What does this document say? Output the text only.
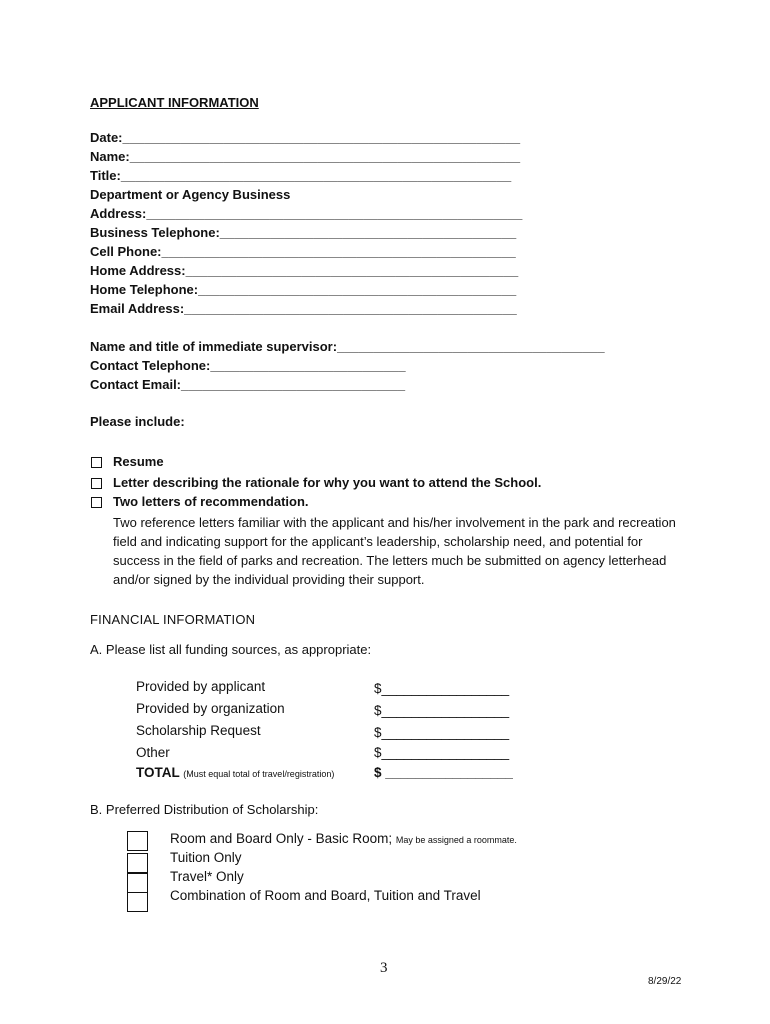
APPLICANT INFORMATION
Date:_______________________________________________________
Name:______________________________________________________
Title:______________________________________________________
Department or Agency Business
Address:____________________________________________________
Business Telephone:_________________________________________
Cell Phone:_________________________________________________
Home Address:______________________________________________
Home Telephone:____________________________________________
Email Address:______________________________________________
Name and title of immediate supervisor:_____________________________________
Contact Telephone:___________________________
Contact Email:_______________________________
Please include:
Resume
Letter describing the rationale for why you want to attend the School.
Two letters of recommendation.
Two reference letters familiar with the applicant and his/her involvement in the park and recreation field and indicating support for the applicant’s leadership, scholarship need, and potential for success in the field of parks and recreation. The letters much be submitted on agency letterhead and/or signed by the individual providing their support.
FINANCIAL INFORMATION
A. Please list all funding sources, as appropriate:
Provided by applicant	$_________________
Provided by organization	$_________________
Scholarship Request	$_________________
Other	$_________________
TOTAL (Must equal total of travel/registration)	$ _________________
B. Preferred Distribution of Scholarship:
Room and Board Only - Basic Room; May be assigned a roommate.
Tuition Only
Travel* Only
Combination of Room and Board, Tuition and Travel
3
8/29/22
